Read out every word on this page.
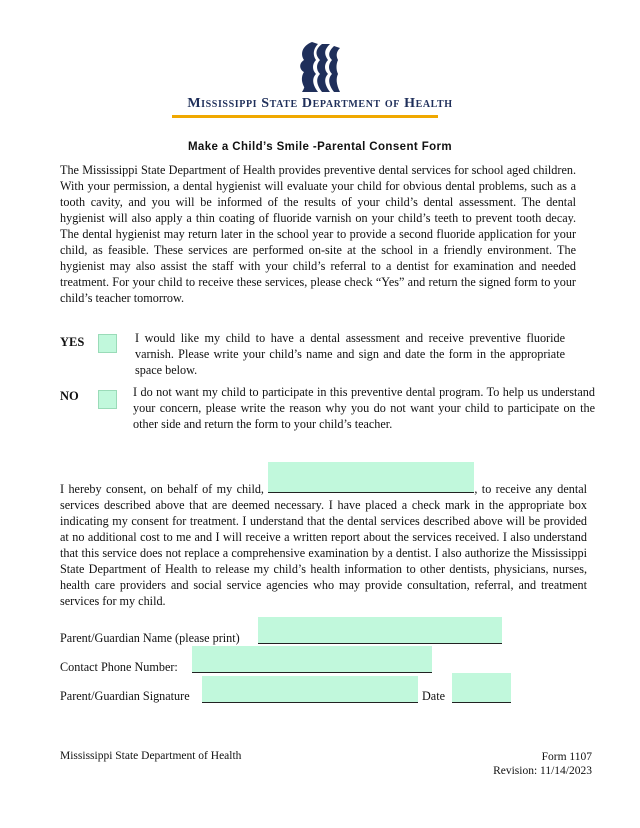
Mississippi State Department of Health
Make a Child’s Smile -Parental Consent Form
The Mississippi State Department of Health provides preventive dental services for school aged children. With your permission, a dental hygienist will evaluate your child for obvious dental problems, such as a tooth cavity, and you will be informed of the results of your child’s dental assessment. The dental hygienist will also apply a thin coating of fluoride varnish on your child’s teeth to prevent tooth decay. The dental hygienist may return later in the school year to provide a second fluoride application for your child, as feasible. These services are performed on-site at the school in a friendly environment. The hygienist may also assist the staff with your child’s referral to a dentist for examination and needed treatment. For your child to receive these services, please check “Yes” and return the signed form to your child’s teacher tomorrow.
YES	I would like my child to have a dental assessment and receive preventive fluoride varnish. Please write your child’s name and sign and date the form in the appropriate space below.
NO	I do not want my child to participate in this preventive dental program. To help us understand your concern, please write the reason why you do not want your child to participate on the other side and return the form to your child’s teacher.
I hereby consent, on behalf of my child,	, to receive any dental services described above that are deemed necessary. I have placed a check mark in the appropriate box indicating my consent for treatment. I understand that the dental services described above will be provided at no additional cost to me and I will receive a written report about the services received. I also understand that this service does not replace a comprehensive examination by a dentist. I also authorize the Mississippi State Department of Health to release my child’s health information to other dentists, physicians, nurses, health care providers and social service agencies who may provide consultation, referral, and treatment services for my child.
Parent/Guardian Name (please print)
Contact Phone Number:
Parent/Guardian Signature	Date
Mississippi State Department of Health	Form 1107
Revision: 11/14/2023
